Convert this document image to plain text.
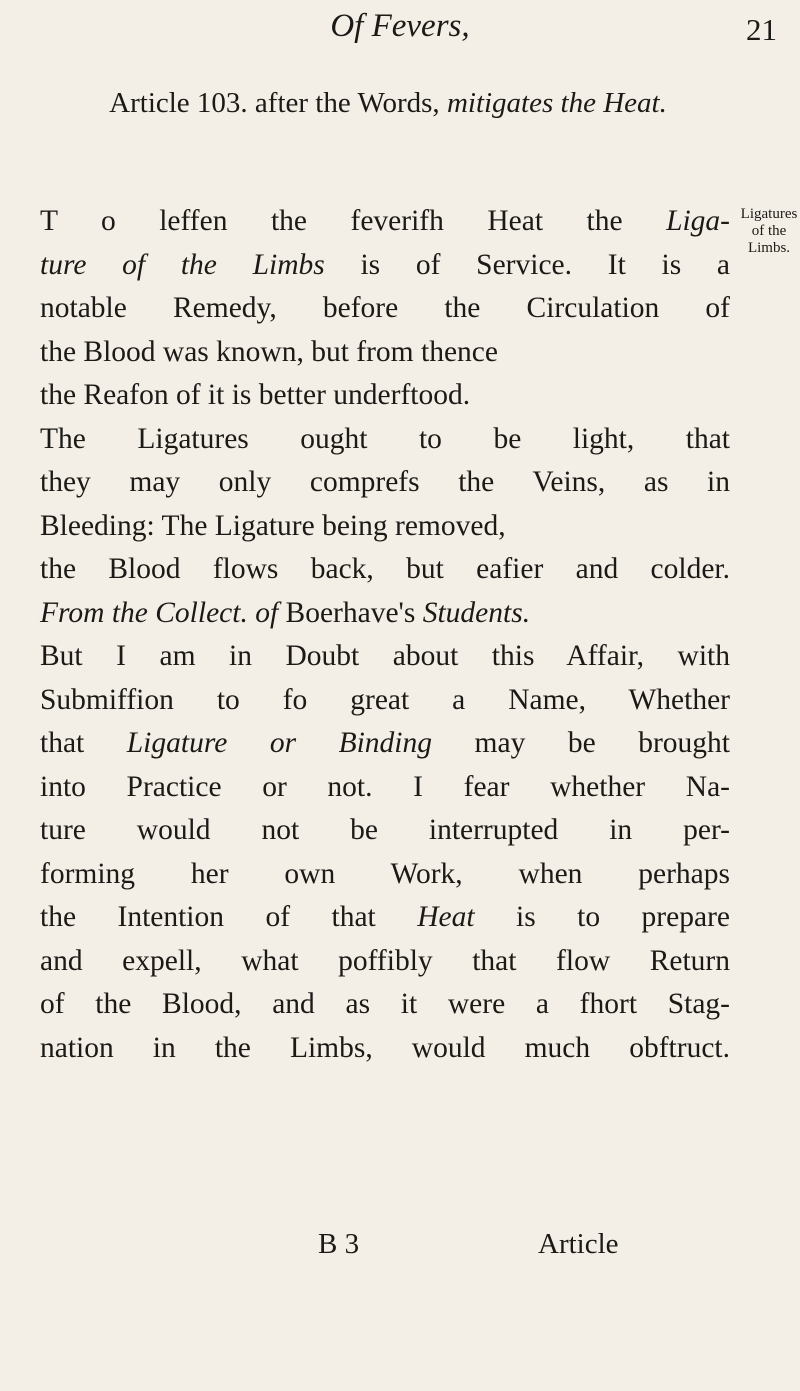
Of Fevers,	21
Article 103. after the Words, mitigates the Heat.
Ligatures
of the
Limbs.
T o leffen the feverifh Heat the Liga-
ture of the Limbs is of Service. It is a
notable Remedy, before the Circulation of
the Blood was known, but from thence
the Reafon of it is better underftood.
The Ligatures ought to be light, that
they may only comprefs the Veins, as in
Bleeding: The Ligature being removed,
the Blood flows back, but eafier and colder.
From the Collect. of Boerhave's Students.
But I am in Doubt about this Affair, with
Submiffion to fo great a Name, Whether
that Ligature or Binding may be brought
into Practice or not. I fear whether Na-
ture would not be interrupted in per-
forming her own Work, when perhaps
the Intention of that Heat is to prepare
and expell, what poffibly that flow Return
of the Blood, and as it were a fhort Stag-
nation in the Limbs, would much obftruct.
B 3	Article
